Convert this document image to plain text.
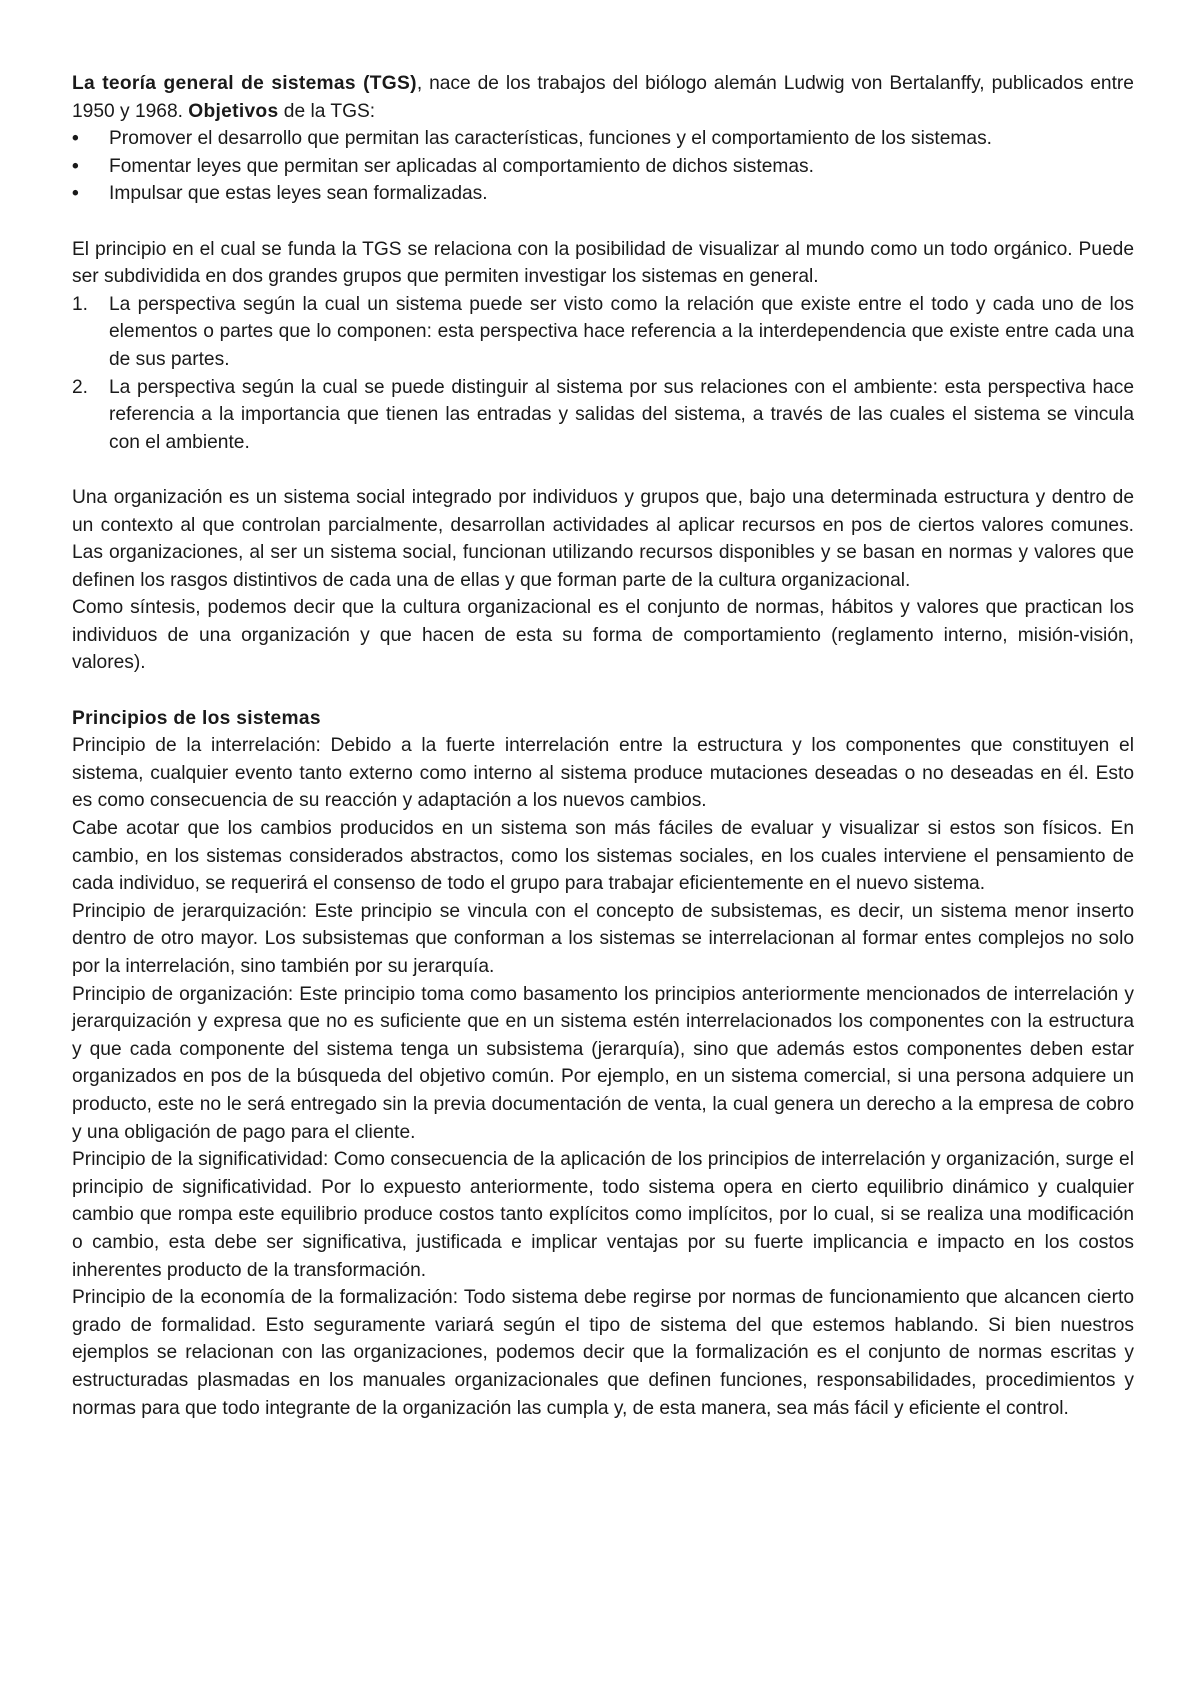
La teoría general de sistemas (TGS), nace de los trabajos del biólogo alemán Ludwig von Bertalanffy, publicados entre 1950 y 1968. Objetivos de la TGS:

• Promover el desarrollo que permitan las características, funciones y el comportamiento de los sistemas.
• Fomentar leyes que permitan ser aplicadas al comportamiento de dichos sistemas.
• Impulsar que estas leyes sean formalizadas.

El principio en el cual se funda la TGS se relaciona con la posibilidad de visualizar al mundo como un todo orgánico. Puede ser subdividida en dos grandes grupos que permiten investigar los sistemas en general.

1. La perspectiva según la cual un sistema puede ser visto como la relación que existe entre el todo y cada uno de los elementos o partes que lo componen: esta perspectiva hace referencia a la interdependencia que existe entre cada una de sus partes.
2. La perspectiva según la cual se puede distinguir al sistema por sus relaciones con el ambiente: esta perspectiva hace referencia a la importancia que tienen las entradas y salidas del sistema, a través de las cuales el sistema se vincula con el ambiente.

Una organización es un sistema social integrado por individuos y grupos que, bajo una determinada estructura y dentro de un contexto al que controlan parcialmente, desarrollan actividades al aplicar recursos en pos de ciertos valores comunes. Las organizaciones, al ser un sistema social, funcionan utilizando recursos disponibles y se basan en normas y valores que definen los rasgos distintivos de cada una de ellas y que forman parte de la cultura organizacional.

Como síntesis, podemos decir que la cultura organizacional es el conjunto de normas, hábitos y valores que practican los individuos de una organización y que hacen de esta su forma de comportamiento (reglamento interno, misión-visión, valores).

Principios de los sistemas

Principio de la interrelación: Debido a la fuerte interrelación entre la estructura y los componentes que constituyen el sistema, cualquier evento tanto externo como interno al sistema produce mutaciones deseadas o no deseadas en él. Esto es como consecuencia de su reacción y adaptación a los nuevos cambios.

Cabe acotar que los cambios producidos en un sistema son más fáciles de evaluar y visualizar si estos son físicos. En cambio, en los sistemas considerados abstractos, como los sistemas sociales, en los cuales interviene el pensamiento de cada individuo, se requerirá el consenso de todo el grupo para trabajar eficientemente en el nuevo sistema.

Principio de jerarquización: Este principio se vincula con el concepto de subsistemas, es decir, un sistema menor inserto dentro de otro mayor. Los subsistemas que conforman a los sistemas se interrelacionan al formar entes complejos no solo por la interrelación, sino también por su jerarquía.

Principio de organización: Este principio toma como basamento los principios anteriormente mencionados de interrelación y jerarquización y expresa que no es suficiente que en un sistema estén interrelacionados los componentes con la estructura y que cada componente del sistema tenga un subsistema (jerarquía), sino que además estos componentes deben estar organizados en pos de la búsqueda del objetivo común. Por ejemplo, en un sistema comercial, si una persona adquiere un producto, este no le será entregado sin la previa documentación de venta, la cual genera un derecho a la empresa de cobro y una obligación de pago para el cliente.

Principio de la significatividad: Como consecuencia de la aplicación de los principios de interrelación y organización, surge el principio de significatividad. Por lo expuesto anteriormente, todo sistema opera en cierto equilibrio dinámico y cualquier cambio que rompa este equilibrio produce costos tanto explícitos como implícitos, por lo cual, si se realiza una modificación o cambio, esta debe ser significativa, justificada e implicar ventajas por su fuerte implicancia e impacto en los costos inherentes producto de la transformación.

Principio de la economía de la formalización: Todo sistema debe regirse por normas de funcionamiento que alcancen cierto grado de formalidad. Esto seguramente variará según el tipo de sistema del que estemos hablando. Si bien nuestros ejemplos se relacionan con las organizaciones, podemos decir que la formalización es el conjunto de normas escritas y estructuradas plasmadas en los manuales organizacionales que definen funciones, responsabilidades, procedimientos y normas para que todo integrante de la organización las cumpla y, de esta manera, sea más fácil y eficiente el control.
